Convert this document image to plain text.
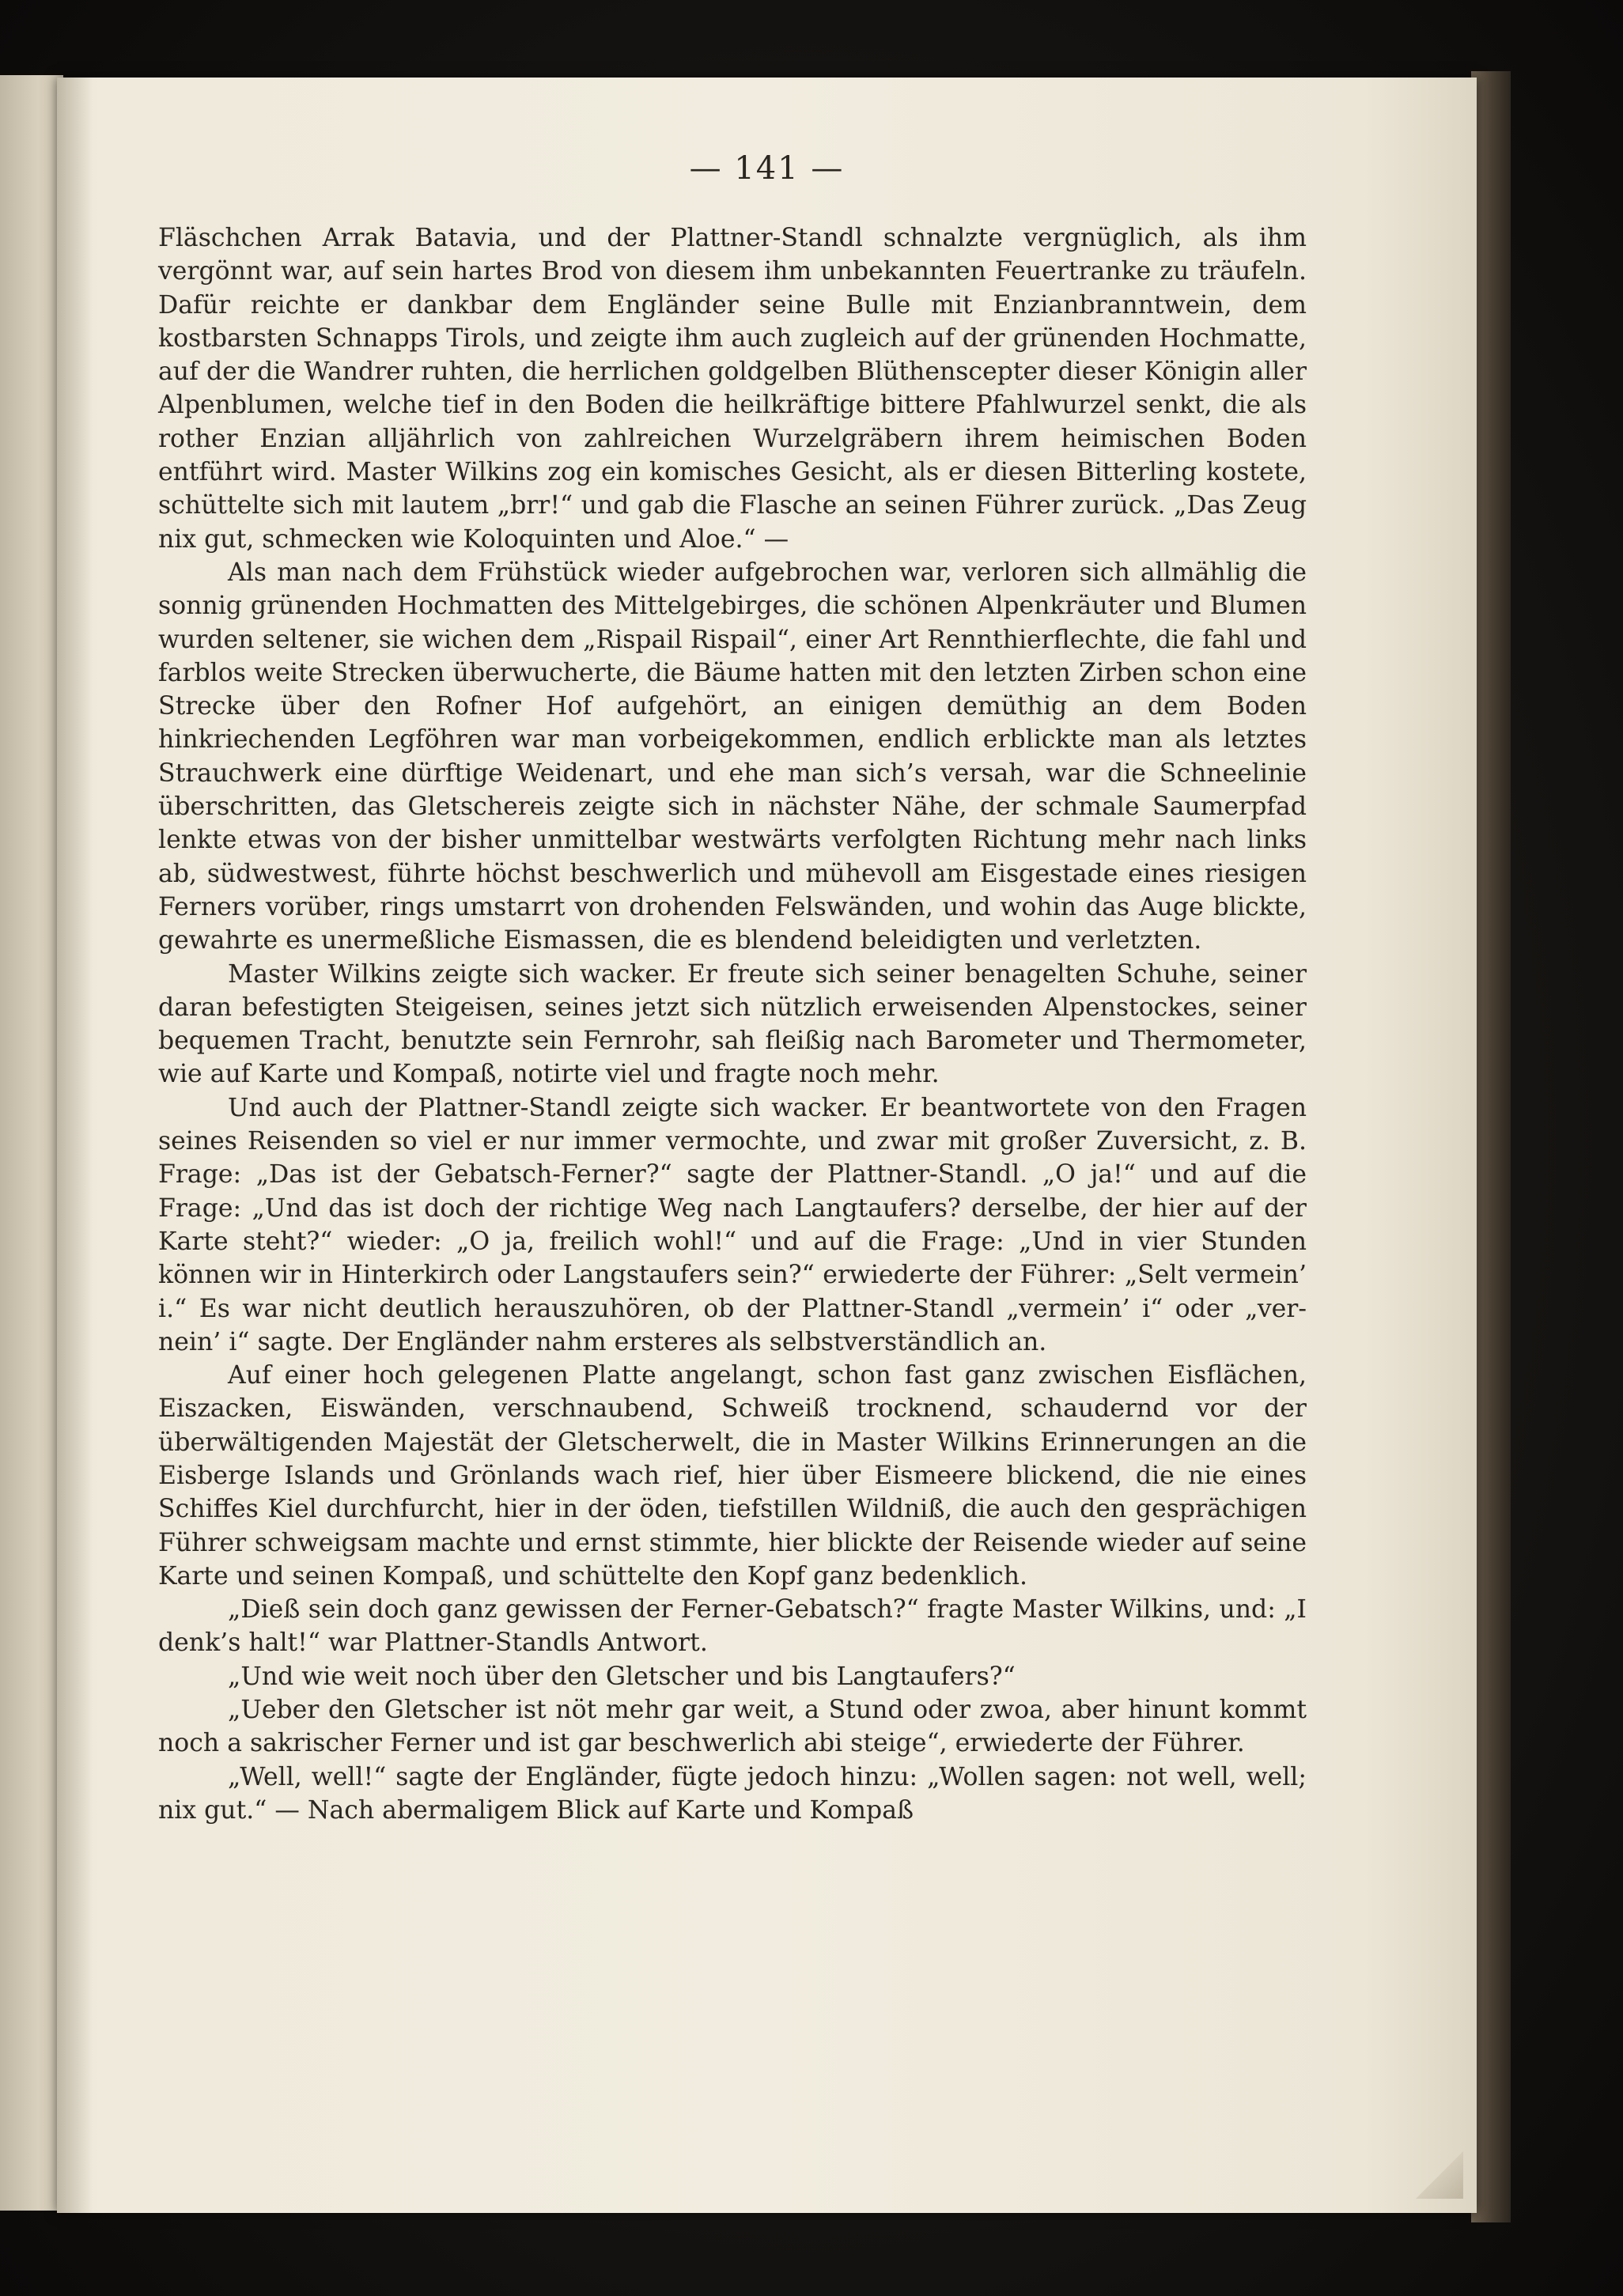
— 141 —

Fläschchen Arrak Batavia, und der Plattner-Standl schnalzte vergnüglich, als ihm vergönnt war, auf sein hartes Brod von diesem ihm unbekannten Feuertranke zu träufeln. Dafür reichte er dankbar dem Engländer seine Bulle mit Enzianbranntwein, dem kostbarsten Schnapps Tirols, und zeigte ihm auch zugleich auf der grünenden Hochmatte, auf der die Wandrer ruhten, die herrlichen goldgelben Blüthenscepter dieser Königin aller Alpenblumen, welche tief in den Boden die heilkräftige bittere Pfahlwurzel senkt, die als rother Enzian alljährlich von zahlreichen Wurzelgräbern ihrem heimischen Boden entführt wird. Master Wilkins zog ein komisches Gesicht, als er diesen Bitterling kostete, schüttelte sich mit lautem „brr!“ und gab die Flasche an seinen Führer zurück. „Das Zeug nix gut, schmecken wie Koloquinten und Aloe.“ —

Als man nach dem Frühstück wieder aufgebrochen war, verloren sich allmählig die sonnig grünenden Hochmatten des Mittelgebirges, die schönen Alpenkräuter und Blumen wurden seltener, sie wichen dem „Rispail Rispail“, einer Art Rennthierflechte, die fahl und farblos weite Strecken überwucherte, die Bäume hatten mit den letzten Zirben schon eine Strecke über den Rofner Hof aufgehört, an einigen demüthig an dem Boden hinkriechenden Legföhren war man vorbeigekommen, endlich erblickte man als letztes Strauchwerk eine dürftige Weidenart, und ehe man sich’s versah, war die Schneelinie überschritten, das Gletschereis zeigte sich in nächster Nähe, der schmale Saumerpfad lenkte etwas von der bisher unmittelbar westwärts verfolgten Richtung mehr nach links ab, südwestwest, führte höchst beschwerlich und mühevoll am Eisgestade eines riesigen Ferners vorüber, rings umstarrt von drohenden Felswänden, und wohin das Auge blickte, gewahrte es unermeßliche Eismassen, die es blendend beleidigten und verletzten.

Master Wilkins zeigte sich wacker. Er freute sich seiner benagelten Schuhe, seiner daran befestigten Steigeisen, seines jetzt sich nützlich erweisenden Alpenstockes, seiner bequemen Tracht, benutzte sein Fernrohr, sah fleißig nach Barometer und Thermometer, wie auf Karte und Kompaß, notirte viel und fragte noch mehr.

Und auch der Plattner-Standl zeigte sich wacker. Er beantwortete von den Fragen seines Reisenden so viel er nur immer vermochte, und zwar mit großer Zuversicht, z. B. Frage: „Das ist der Gebatsch-Ferner?“ sagte der Plattner-Standl. „O ja!“ und auf die Frage: „Und das ist doch der richtige Weg nach Langtaufers? derselbe, der hier auf der Karte steht?“ wieder: „O ja, freilich wohl!“ und auf die Frage: „Und in vier Stunden können wir in Hinterkirch oder Langstaufers sein?“ erwiederte der Führer: „Selt vermein’ i.“ Es war nicht deutlich herauszuhören, ob der Plattner-Standl „vermein’ i“ oder „ver-nein’ i“ sagte. Der Engländer nahm ersteres als selbstverständlich an.

Auf einer hoch gelegenen Platte angelangt, schon fast ganz zwischen Eisflächen, Eiszacken, Eiswänden, verschnaubend, Schweiß trocknend, schaudernd vor der überwältigenden Majestät der Gletscherwelt, die in Master Wilkins Erinnerungen an die Eisberge Islands und Grönlands wach rief, hier über Eismeere blickend, die nie eines Schiffes Kiel durchfurcht, hier in der öden, tiefstillen Wildniß, die auch den gesprächigen Führer schweigsam machte und ernst stimmte, hier blickte der Reisende wieder auf seine Karte und seinen Kompaß, und schüttelte den Kopf ganz bedenklich.

„Dieß sein doch ganz gewissen der Ferner-Gebatsch?“ fragte Master Wilkins, und: „I denk’s halt!“ war Plattner-Standls Antwort.

„Und wie weit noch über den Gletscher und bis Langtaufers?“

„Ueber den Gletscher ist nöt mehr gar weit, a Stund oder zwoa, aber hinunt kommt noch a sakrischer Ferner und ist gar beschwerlich abi steige“, erwiederte der Führer.

„Well, well!“ sagte der Engländer, fügte jedoch hinzu: „Wollen sagen: not well, well; nix gut.“ — Nach abermaligem Blick auf Karte und Kompaß
